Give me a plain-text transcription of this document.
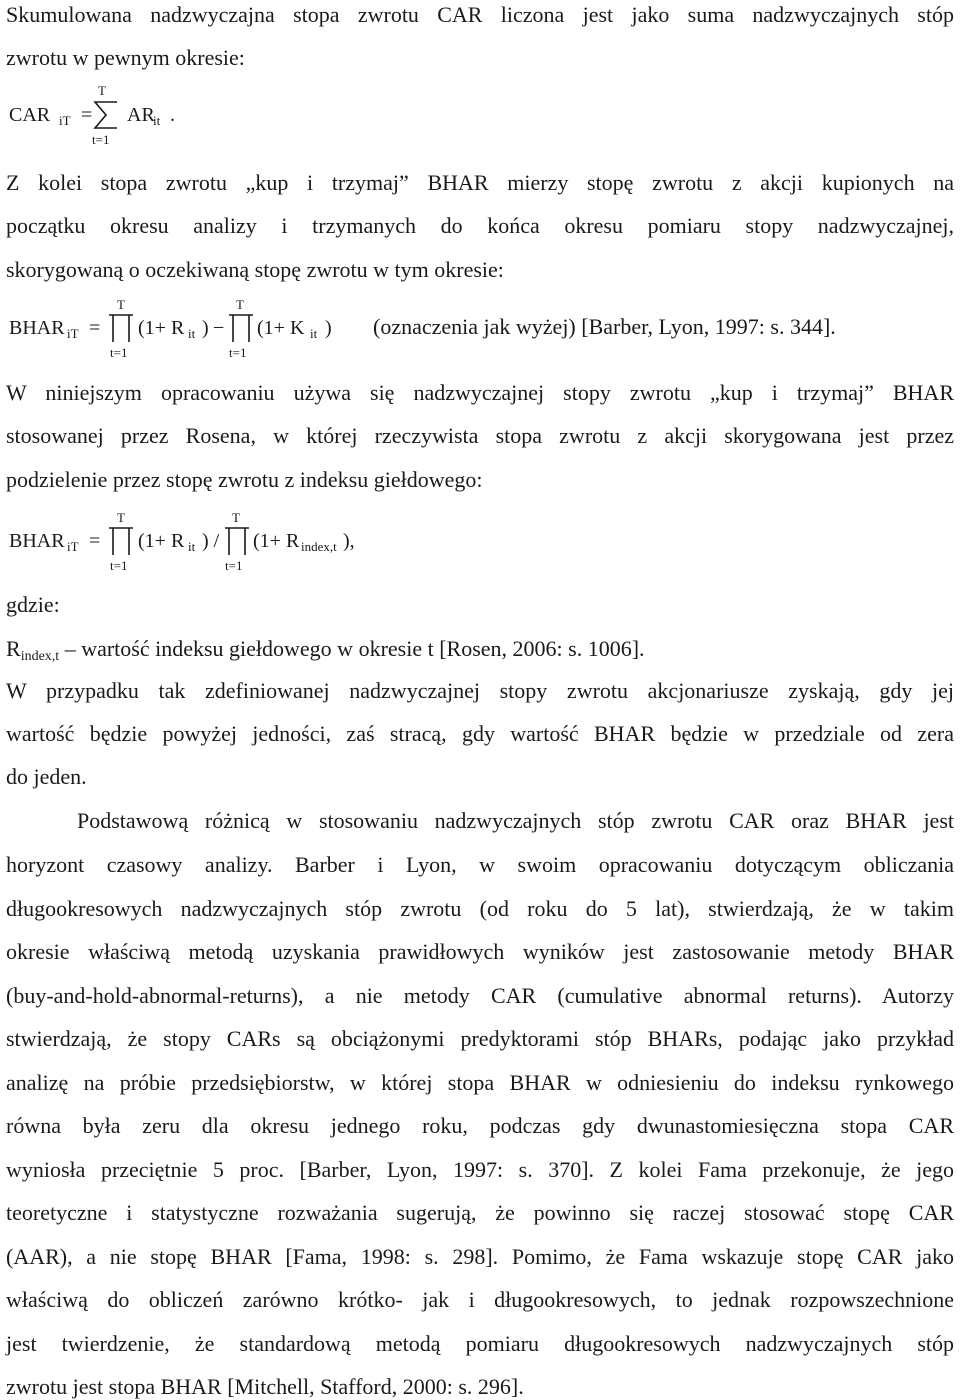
Skumulowana nadzwyczajna stopa zwrotu CAR liczona jest jako suma nadzwyczajnych stóp
zwrotu w pewnym okresie:
CAR iT =
T
t=1
AR
it .
Z kolei stopa zwrotu „kup i trzymaj” BHAR mierzy stopę zwrotu z akcji kupionych na
początku okresu analizy i trzymanych do końca okresu pomiaru stopy nadzwyczajnej,
skorygowaną o oczekiwaną stopę zwrotu w tym okresie:
BHAR iT =
T
t=1
(1+ R it ) −
T
t=1
(1+ K it ) (oznaczenia jak wyżej) [Barber, Lyon, 1997: s. 344].
W niniejszym opracowaniu używa się nadzwyczajnej stopy zwrotu „kup i trzymaj” BHAR
stosowanej przez Rosena, w której rzeczywista stopa zwrotu z akcji skorygowana jest przez
podzielenie przez stopę zwrotu z indeksu giełdowego:
BHAR iT =
T
t=1
(1+ R it ) /
T
t=1
(1+ R index,t ),
gdzie:
$R_{index,t}$ – wartość indeksu giełdowego w okresie t [Rosen, 2006: s. 1006].
W przypadku tak zdefiniowanej nadzwyczajnej stopy zwrotu akcjonariusze zyskają, gdy jej
wartość będzie powyżej jedności, zaś stracą, gdy wartość BHAR będzie w przedziale od zera
do jeden.
Podstawową różnicą w stosowaniu nadzwyczajnych stóp zwrotu CAR oraz BHAR jest
horyzont czasowy analizy. Barber i Lyon, w swoim opracowaniu dotyczącym obliczania
długookresowych nadzwyczajnych stóp zwrotu (od roku do 5 lat), stwierdzają, że w takim
okresie właściwą metodą uzyskania prawidłowych wyników jest zastosowanie metody BHAR
(buy-and-hold-abnormal-returns), a nie metody CAR (cumulative abnormal returns). Autorzy
stwierdzają, że stopy CARs są obciążonymi predyktorami stóp BHARs, podając jako przykład
analizę na próbie przedsiębiorstw, w której stopa BHAR w odniesieniu do indeksu rynkowego
równa była zeru dla okresu jednego roku, podczas gdy dwunastomiesięczna stopa CAR
wyniosła przeciętnie 5 proc. [Barber, Lyon, 1997: s. 370]. Z kolei Fama przekonuje, że jego
teoretyczne i statystyczne rozważania sugerują, że powinno się raczej stosować stopę CAR
(AAR), a nie stopę BHAR [Fama, 1998: s. 298]. Pomimo, że Fama wskazuje stopę CAR jako
właściwą do obliczeń zarówno krótko- jak i długookresowych, to jednak rozpowszechnione
jest twierdzenie, że standardową metodą pomiaru długookresowych nadzwyczajnych stóp
zwrotu jest stopa BHAR [Mitchell, Stafford, 2000: s. 296].
